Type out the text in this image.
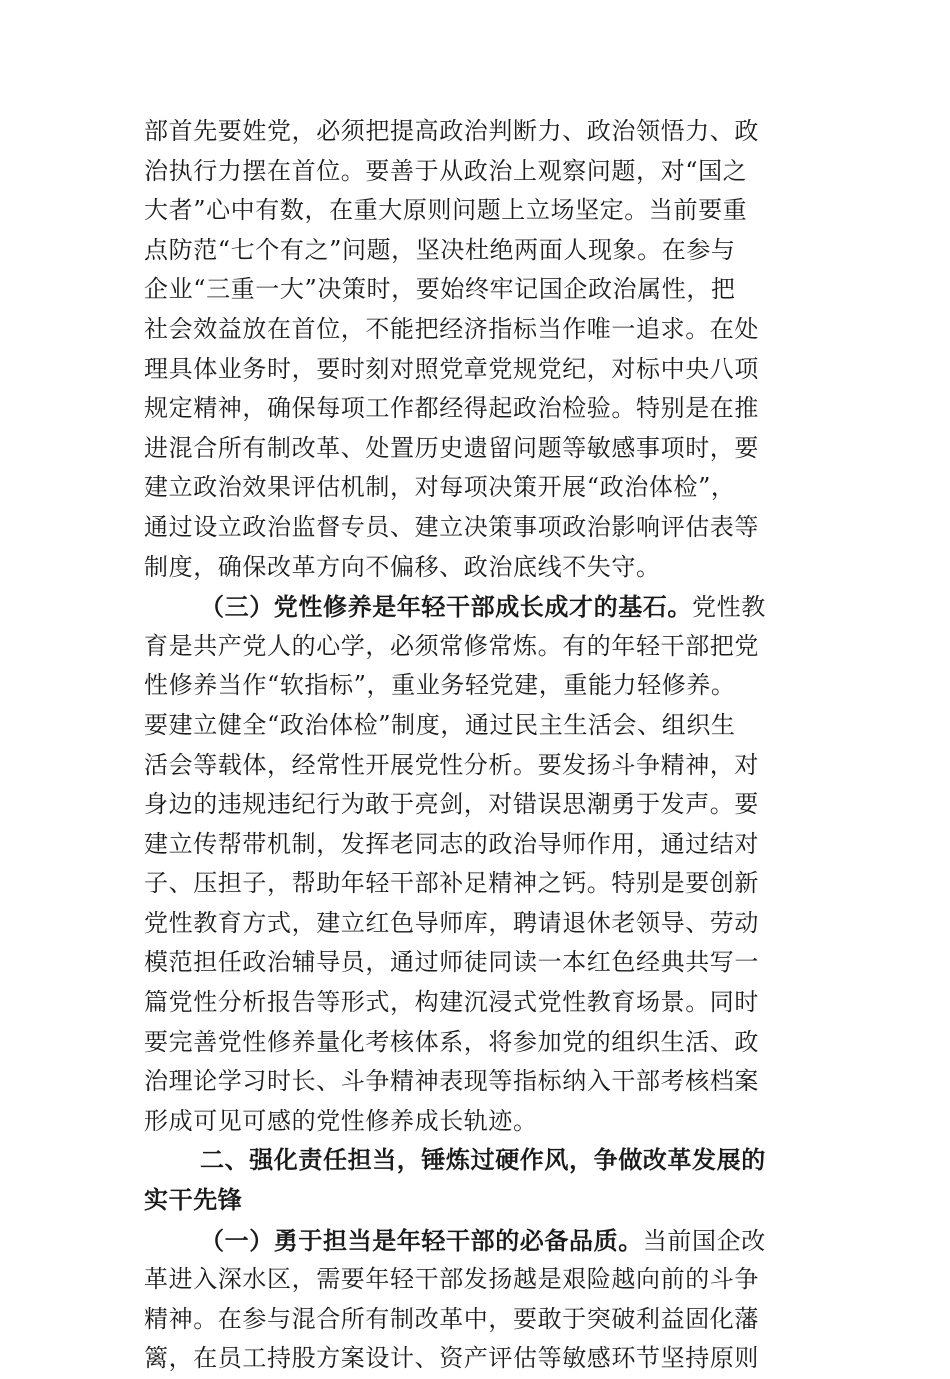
部首先要姓党，必须把提高政治判断力、政治领悟力、政
治执行力摆在首位。要善于从政治上观察问题，对“国之
大者”心中有数，在重大原则问题上立场坚定。当前要重
点防范“七个有之”问题，坚决杜绝两面人现象。在参与
企业“三重一大”决策时，要始终牢记国企政治属性，把
社会效益放在首位，不能把经济指标当作唯一追求。在处
理具体业务时，要时刻对照党章党规党纪，对标中央八项
规定精神，确保每项工作都经得起政治检验。特别是在推
进混合所有制改革、处置历史遗留问题等敏感事项时，要
建立政治效果评估机制，对每项决策开展“政治体检”，
通过设立政治监督专员、建立决策事项政治影响评估表等
制度，确保改革方向不偏移、政治底线不失守。
（三）党性修养是年轻干部成长成才的基石。党性教
育是共产党人的心学，必须常修常炼。有的年轻干部把党
性修养当作“软指标”，重业务轻党建，重能力轻修养。
要建立健全“政治体检”制度，通过民主生活会、组织生
活会等载体，经常性开展党性分析。要发扬斗争精神，对
身边的违规违纪行为敢于亮剑，对错误思潮勇于发声。要
建立传帮带机制，发挥老同志的政治导师作用，通过结对
子、压担子，帮助年轻干部补足精神之钙。特别是要创新
党性教育方式，建立红色导师库，聘请退休老领导、劳动
模范担任政治辅导员，通过师徒同读一本红色经典共写一
篇党性分析报告等形式，构建沉浸式党性教育场景。同时
要完善党性修养量化考核体系，将参加党的组织生活、政
治理论学习时长、斗争精神表现等指标纳入干部考核档案
形成可见可感的党性修养成长轨迹。
二、强化责任担当，锤炼过硬作风，争做改革发展的
实干先锋
（一）勇于担当是年轻干部的必备品质。当前国企改
革进入深水区，需要年轻干部发扬越是艰险越向前的斗争
精神。在参与混合所有制改革中，要敢于突破利益固化藩
篱，在员工持股方案设计、资产评估等敏感环节坚持原则
